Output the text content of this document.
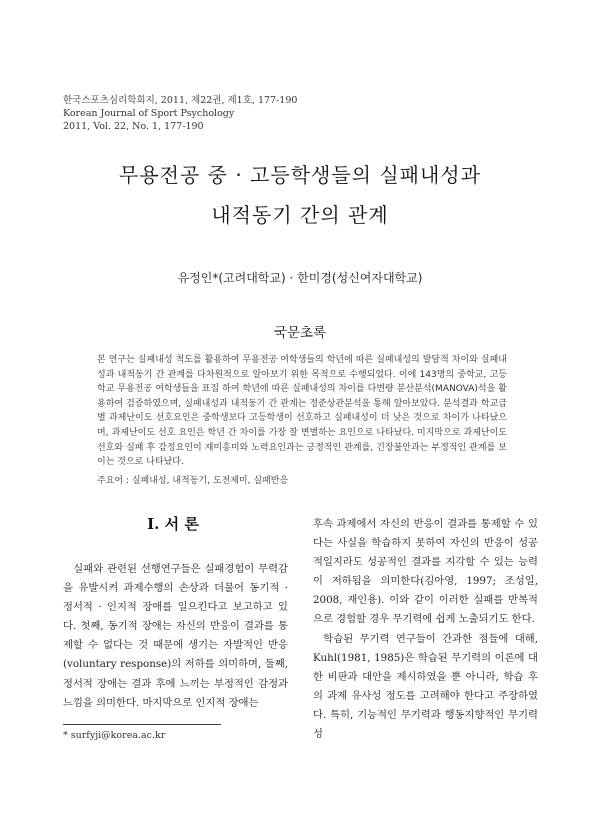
한국스포츠심리학회지, 2011, 제22권, 제1호, 177-190
Korean Journal of Sport Psychology
2011, Vol. 22, No. 1, 177-190
무용전공 중 · 고등학생들의 실패내성과
내적동기 간의 관계
유정인*(고려대학교) · 한미경(성신여자대학교)
국문초록
본 연구는 실패내성 척도를 활용하여 무용전공 여학생들의 학년에 따른 실패내성의 발달적 차이와 실패내성과 내적동기 간 관계를 다차원적으로 알아보기 위한 목적으로 수행되었다. 이에 143명의 중학교, 고등학교 무용전공 여학생들을 표집 하여 학년에 따른 실패내성의 차이를 다변량 분산분석(MANOVA)석을 활용하여 검증하였으며, 실패내성과 내적동기 간 관계는 정준상관분석을 통해 알아보았다. 분석결과 학교급별 과제난이도 선호요인은 중학생보다 고등학생이 선호하고 실패내성이 더 낮은 것으로 차이가 나타났으며, 과제난이도 선호 요인은 학년 간 차이를 가장 잘 변별하는 요인으로 나타났다. 미지막으로 과제난이도 선호와 실패 후 감정요인이 재미흥미와 노력요인과는 긍정적인 관계를, 긴장불안과는 부정적인 관계를 보이는 것으로 나타났다.
주요어 : 실패내성, 내적동기, 도전제미, 실패반응
I. 서 론

실패와 관련된 선행연구들은 실패경험이 무력감을 유발시켜 과제수행의 손상과 더불어 동기적 · 정서적 · 인지적 장애를 일으킨다고 보고하고 있다. 첫째, 동기적 장애는 자신의 반응이 결과를 통제할 수 없다는 것 때문에 생기는 자발적인 반응(voluntary response)의 저하를 의미하며, 둘째, 정서적 장애는 결과 후에 느끼는 부정적인 감정과 느낌을 의미한다. 마지막으로 인지적 장애는

후속 과제에서 자신의 반응이 결과를 통제할 수 있다는 사실을 학습하지 못하여 자신의 반응이 성공적일지라도 성공적인 결과를 지각할 수 있는 능력이 저하됨을 의미한다(김아영, 1997; 조성일, 2008, 재인용). 이와 같이 이러한 실패를 반복적으로 경험할 경우 무기력에 쉽게 노출되기도 한다.

학습된 무기력 연구들이 간과한 점들에 대해, Kuhl(1981, 1985)은 학습된 무기력의 이론에 대한 비판과 대안을 제시하였을 뿐 아니라, 학습 후의 과제 유사성 정도를 고려해야 한다고 주장하였다. 특히, 기능적인 무기력과 행동지향적인 무기력 성

* surfyji@korea.ac.kr
